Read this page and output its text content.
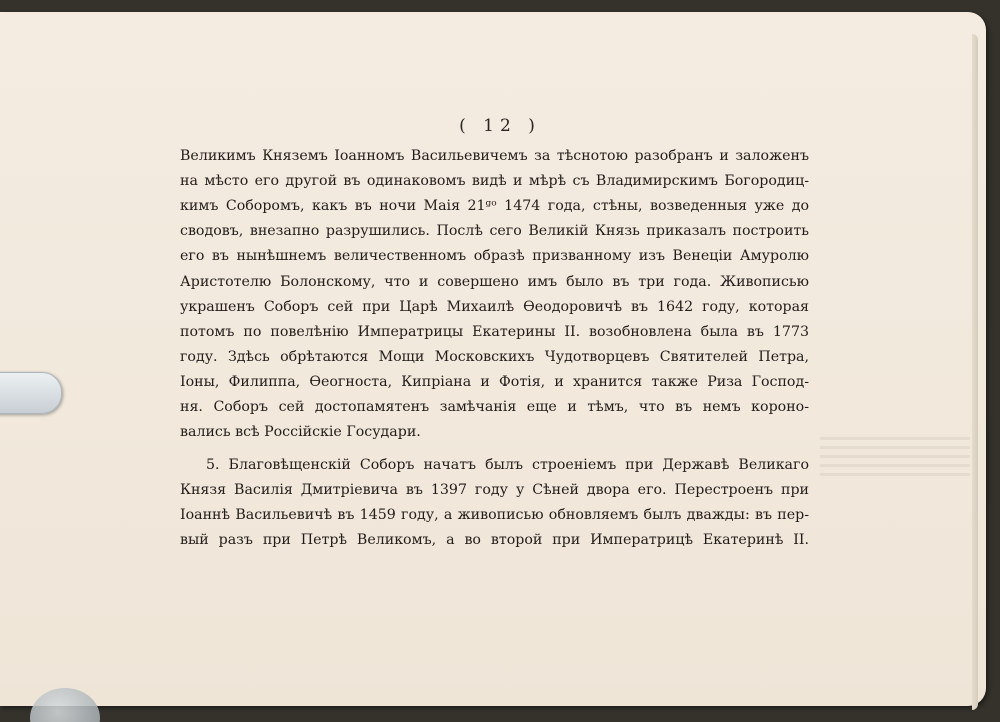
( 12 )
Великимъ Княземъ Іоанномъ Васильевичемъ за тѣснотою разобранъ и заложенъ
на мѣсто его другой въ одинаковомъ видѣ и мѣрѣ съ Владимирскимъ Богородиц-
кимъ Соборомъ, какъ въ ночи Маія 21ᵍᵒ 1474 года, стѣны, возведенныя уже до
сводовъ, внезапно разрушились. Послѣ сего Великій Князь приказалъ построить
его въ нынѣшнемъ величественномъ образѣ призванному изъ Венеціи Амуролю
Аристотелю Болонскому, что и совершено имъ было въ три года. Живописью
украшенъ Соборъ сей при Царѣ Михаилѣ Ѳеодоровичѣ въ 1642 году, которая
потомъ по повелѣнію Императрицы Екатерины II. возобновлена была въ 1773
году. Здѣсь обрѣтаются Мощи Московскихъ Чудотворцевъ Святителей Петра,
Іоны, Филиппа, Ѳеогноста, Кипріана и Фотія, и хранится также Риза Господ-
ня. Соборъ сей достопамятенъ замѣчанія еще и тѣмъ, что въ немъ короно-
вались всѣ Россійскіе Государи.
5. Благовѣщенскій Соборъ начатъ былъ строеніемъ при Державѣ Великаго
Князя Василія Дмитріевича въ 1397 году у Сѣней двора его. Перестроенъ при
Іоаннѣ Васильевичѣ въ 1459 году, а живописью обновляемъ былъ дважды: въ пер-
вый разъ при Петрѣ Великомъ, а во второй при Императрицѣ Екатеринѣ II.
